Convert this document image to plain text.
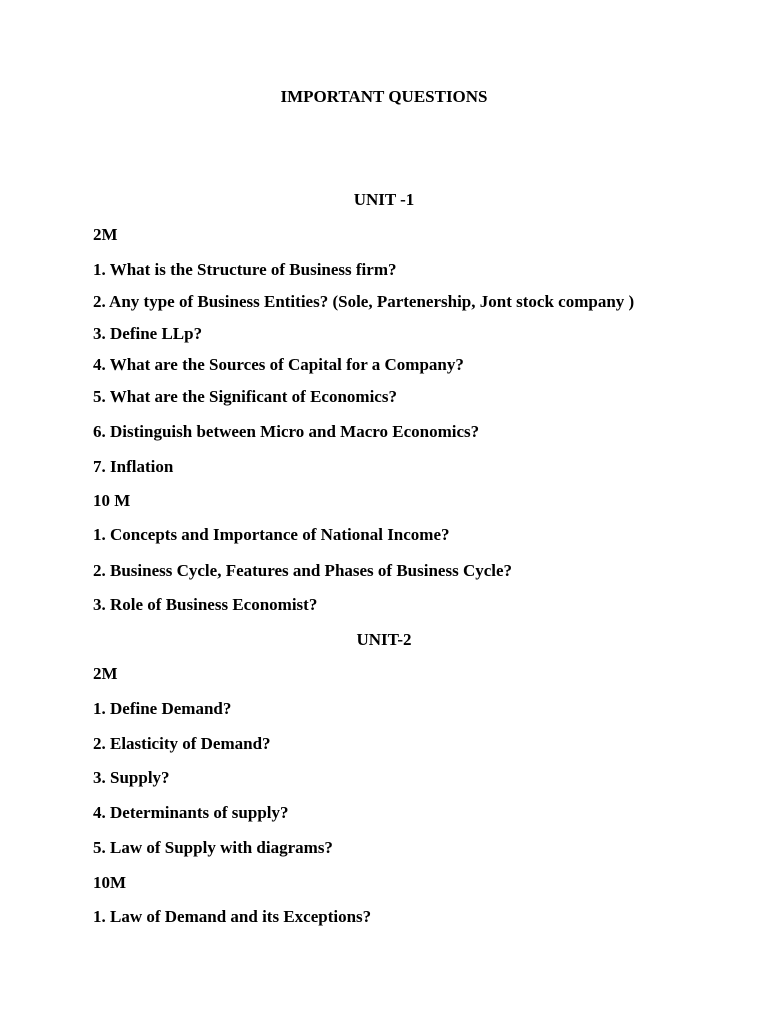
IMPORTANT QUESTIONS
UNIT -1
2M
1. What is the Structure of Business firm?
2. Any type of Business Entities? (Sole, Partenership, Jont stock company )
3. Define LLp?
4. What are the Sources of Capital for a Company?
5. What are the Significant of Economics?
6. Distinguish between Micro and Macro Economics?
7. Inflation
10 M
1. Concepts and Importance of National Income?
2. Business Cycle, Features and Phases of Business Cycle?
3. Role of Business Economist?
UNIT-2
2M
1. Define Demand?
2. Elasticity of Demand?
3. Supply?
4. Determinants of supply?
5. Law of Supply with diagrams?
10M
1. Law of Demand and its Exceptions?
